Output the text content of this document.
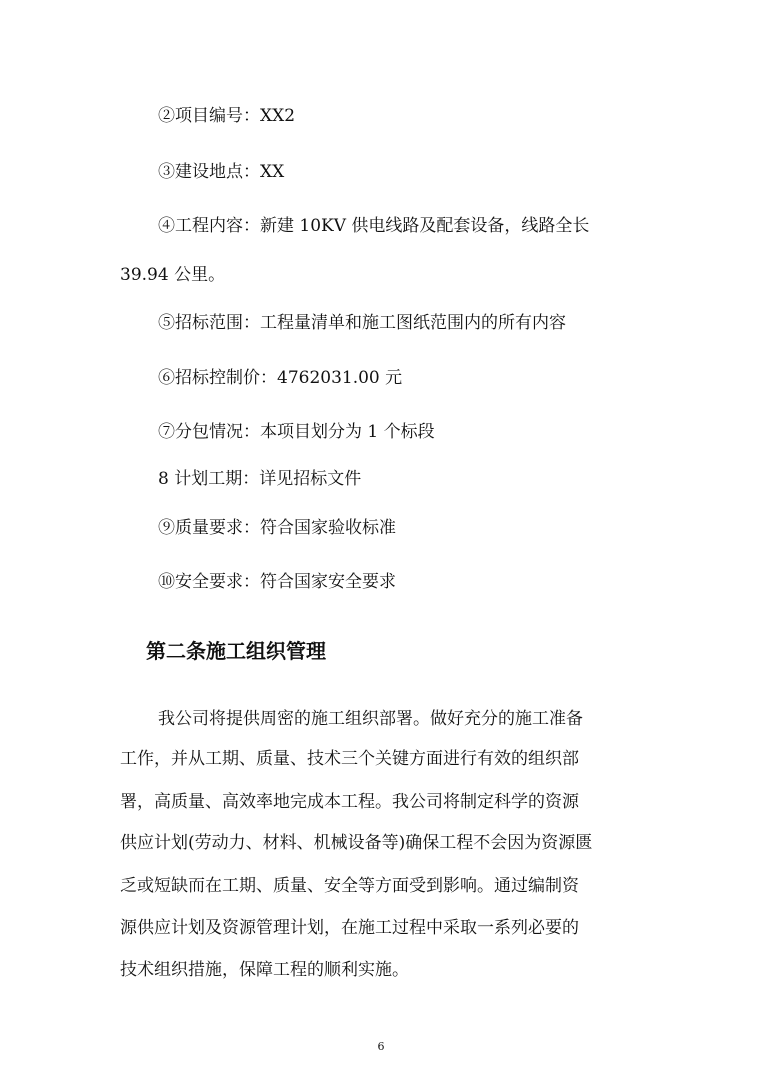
②项目编号：XX2

③建设地点：XX

④工程内容：新建 10KV 供电线路及配套设备，线路全长

39.94 公里。

⑤招标范围：工程量清单和施工图纸范围内的所有内容

⑥招标控制价：4762031.00 元

⑦分包情况：本项目划分为 1 个标段

8 计划工期：详见招标文件

⑨质量要求：符合国家验收标准

⑩安全要求：符合国家安全要求

第二条施工组织管理

我公司将提供周密的施工组织部署。做好充分的施工准备

工作，并从工期、质量、技术三个关键方面进行有效的组织部

署，高质量、高效率地完成本工程。我公司将制定科学的资源

供应计划(劳动力、材料、机械设备等)确保工程不会因为资源匮

乏或短缺而在工期、质量、安全等方面受到影响。通过编制资

源供应计划及资源管理计划，在施工过程中采取一系列必要的

技术组织措施，保障工程的顺利实施。

6
